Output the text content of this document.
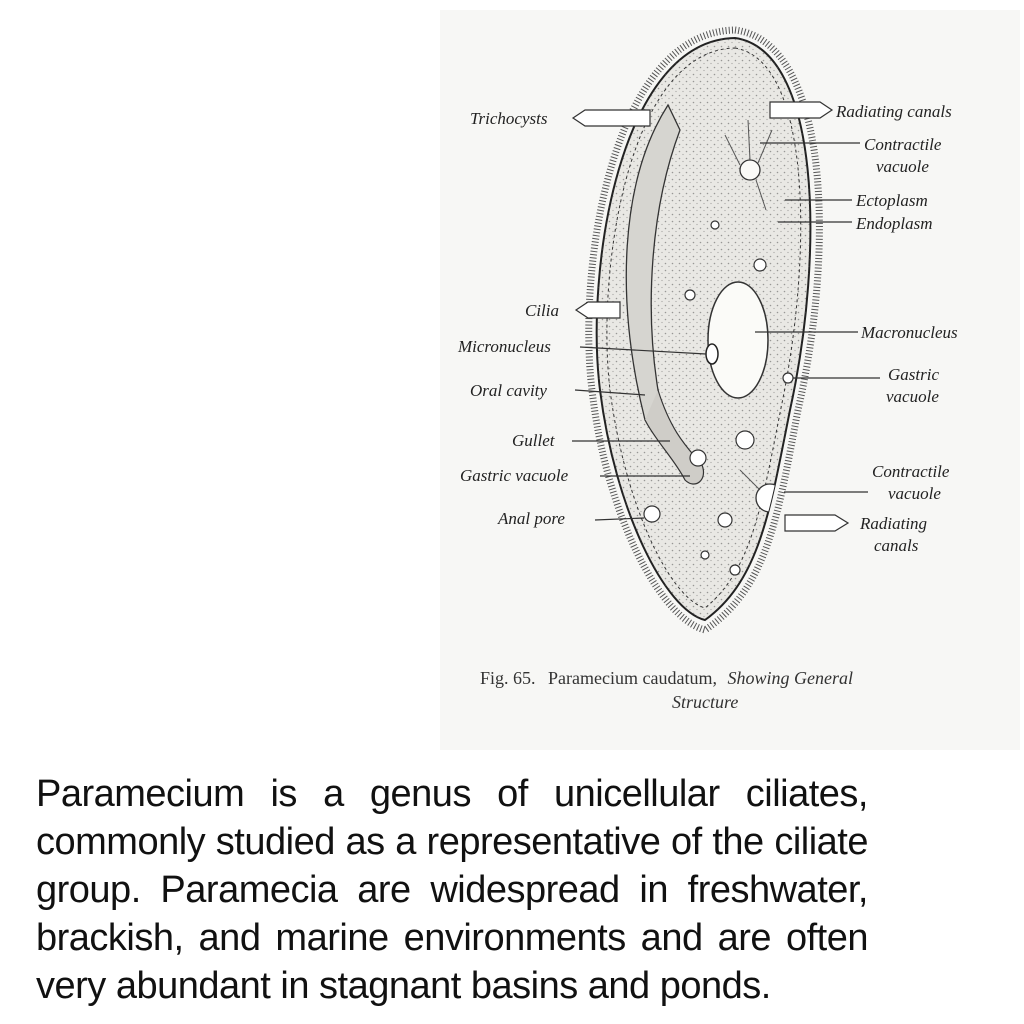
Trichocysts	Radiating canals
Contractile
vacuole
Ectoplasm
Endoplasm
Cilia
Micronucleus
Macronucleus
Oral cavity
Gastric
vacuole
Gullet
Gastric vacuole	Contractile
vacuole
Anal pore	Radiating
canals
Fig. 65. Paramecium caudatum, Showing General
Structure

Paramecium is a genus of unicellular ciliates, commonly studied as a representative of the ciliate group. Paramecia are widespread in freshwater, brackish, and marine environments and are often very abundant in stagnant basins and ponds.
